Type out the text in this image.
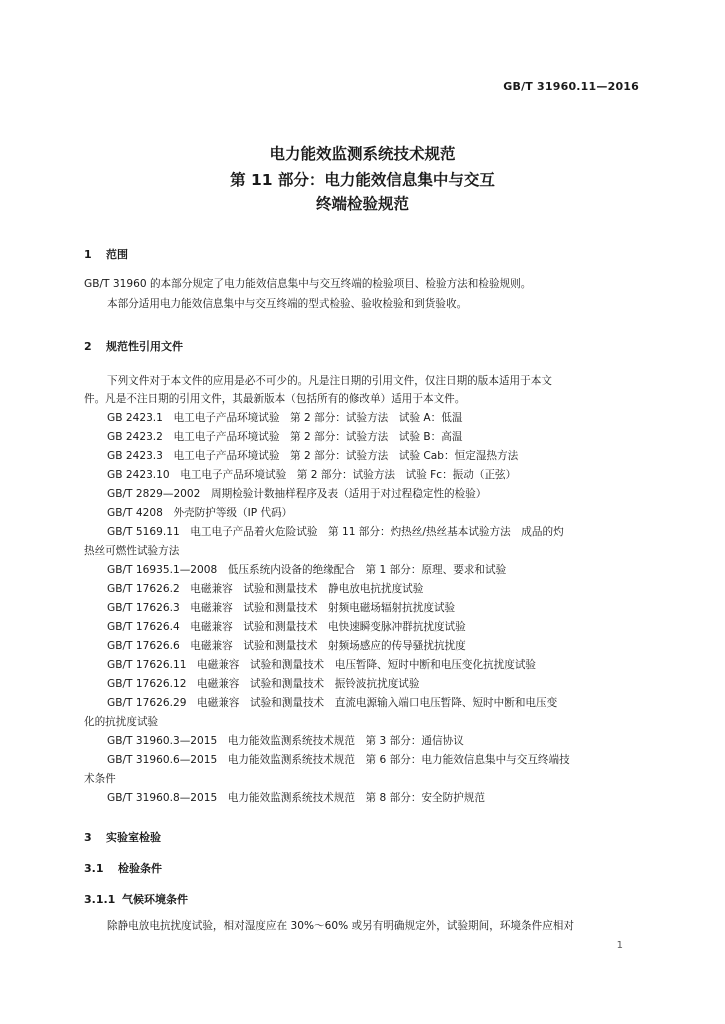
GB/T 31960.11—2016
电力能效监测系统技术规范
第 11 部分：电力能效信息集中与交互
终端检验规范
1 范围
GB/T 31960 的本部分规定了电力能效信息集中与交互终端的检验项目、检验方法和检验规则。
本部分适用电力能效信息集中与交互终端的型式检验、验收检验和到货验收。
2 规范性引用文件
下列文件对于本文件的应用是必不可少的。凡是注日期的引用文件，仅注日期的版本适用于本文
件。凡是不注日期的引用文件，其最新版本（包括所有的修改单）适用于本文件。
GB 2423.1　电工电子产品环境试验　第 2 部分：试验方法　试验 A：低温
GB 2423.2　电工电子产品环境试验　第 2 部分：试验方法　试验 B：高温
GB 2423.3　电工电子产品环境试验　第 2 部分：试验方法　试验 Cab：恒定湿热方法
GB 2423.10　电工电子产品环境试验　第 2 部分：试验方法　试验 Fc：振动（正弦）
GB/T 2829—2002　周期检验计数抽样程序及表（适用于对过程稳定性的检验）
GB/T 4208　外壳防护等级（IP 代码）
GB/T 5169.11　电工电子产品着火危险试验　第 11 部分：灼热丝/热丝基本试验方法　成品的灼
热丝可燃性试验方法
GB/T 16935.1—2008　低压系统内设备的绝缘配合　第 1 部分：原理、要求和试验
GB/T 17626.2　电磁兼容　试验和测量技术　静电放电抗扰度试验
GB/T 17626.3　电磁兼容　试验和测量技术　射频电磁场辐射抗扰度试验
GB/T 17626.4　电磁兼容　试验和测量技术　电快速瞬变脉冲群抗扰度试验
GB/T 17626.6　电磁兼容　试验和测量技术　射频场感应的传导骚扰抗扰度
GB/T 17626.11　电磁兼容　试验和测量技术　电压暂降、短时中断和电压变化抗扰度试验
GB/T 17626.12　电磁兼容　试验和测量技术　振铃波抗扰度试验
GB/T 17626.29　电磁兼容　试验和测量技术　直流电源输入端口电压暂降、短时中断和电压变
化的抗扰度试验
GB/T 31960.3—2015　电力能效监测系统技术规范　第 3 部分：通信协议
GB/T 31960.6—2015　电力能效监测系统技术规范　第 6 部分：电力能效信息集中与交互终端技
术条件
GB/T 31960.8—2015　电力能效监测系统技术规范　第 8 部分：安全防护规范
3 实验室检验
3.1 检验条件
3.1.1 气候环境条件
除静电放电抗扰度试验，相对湿度应在 30%～60% 或另有明确规定外，试验期间，环境条件应相对
1
